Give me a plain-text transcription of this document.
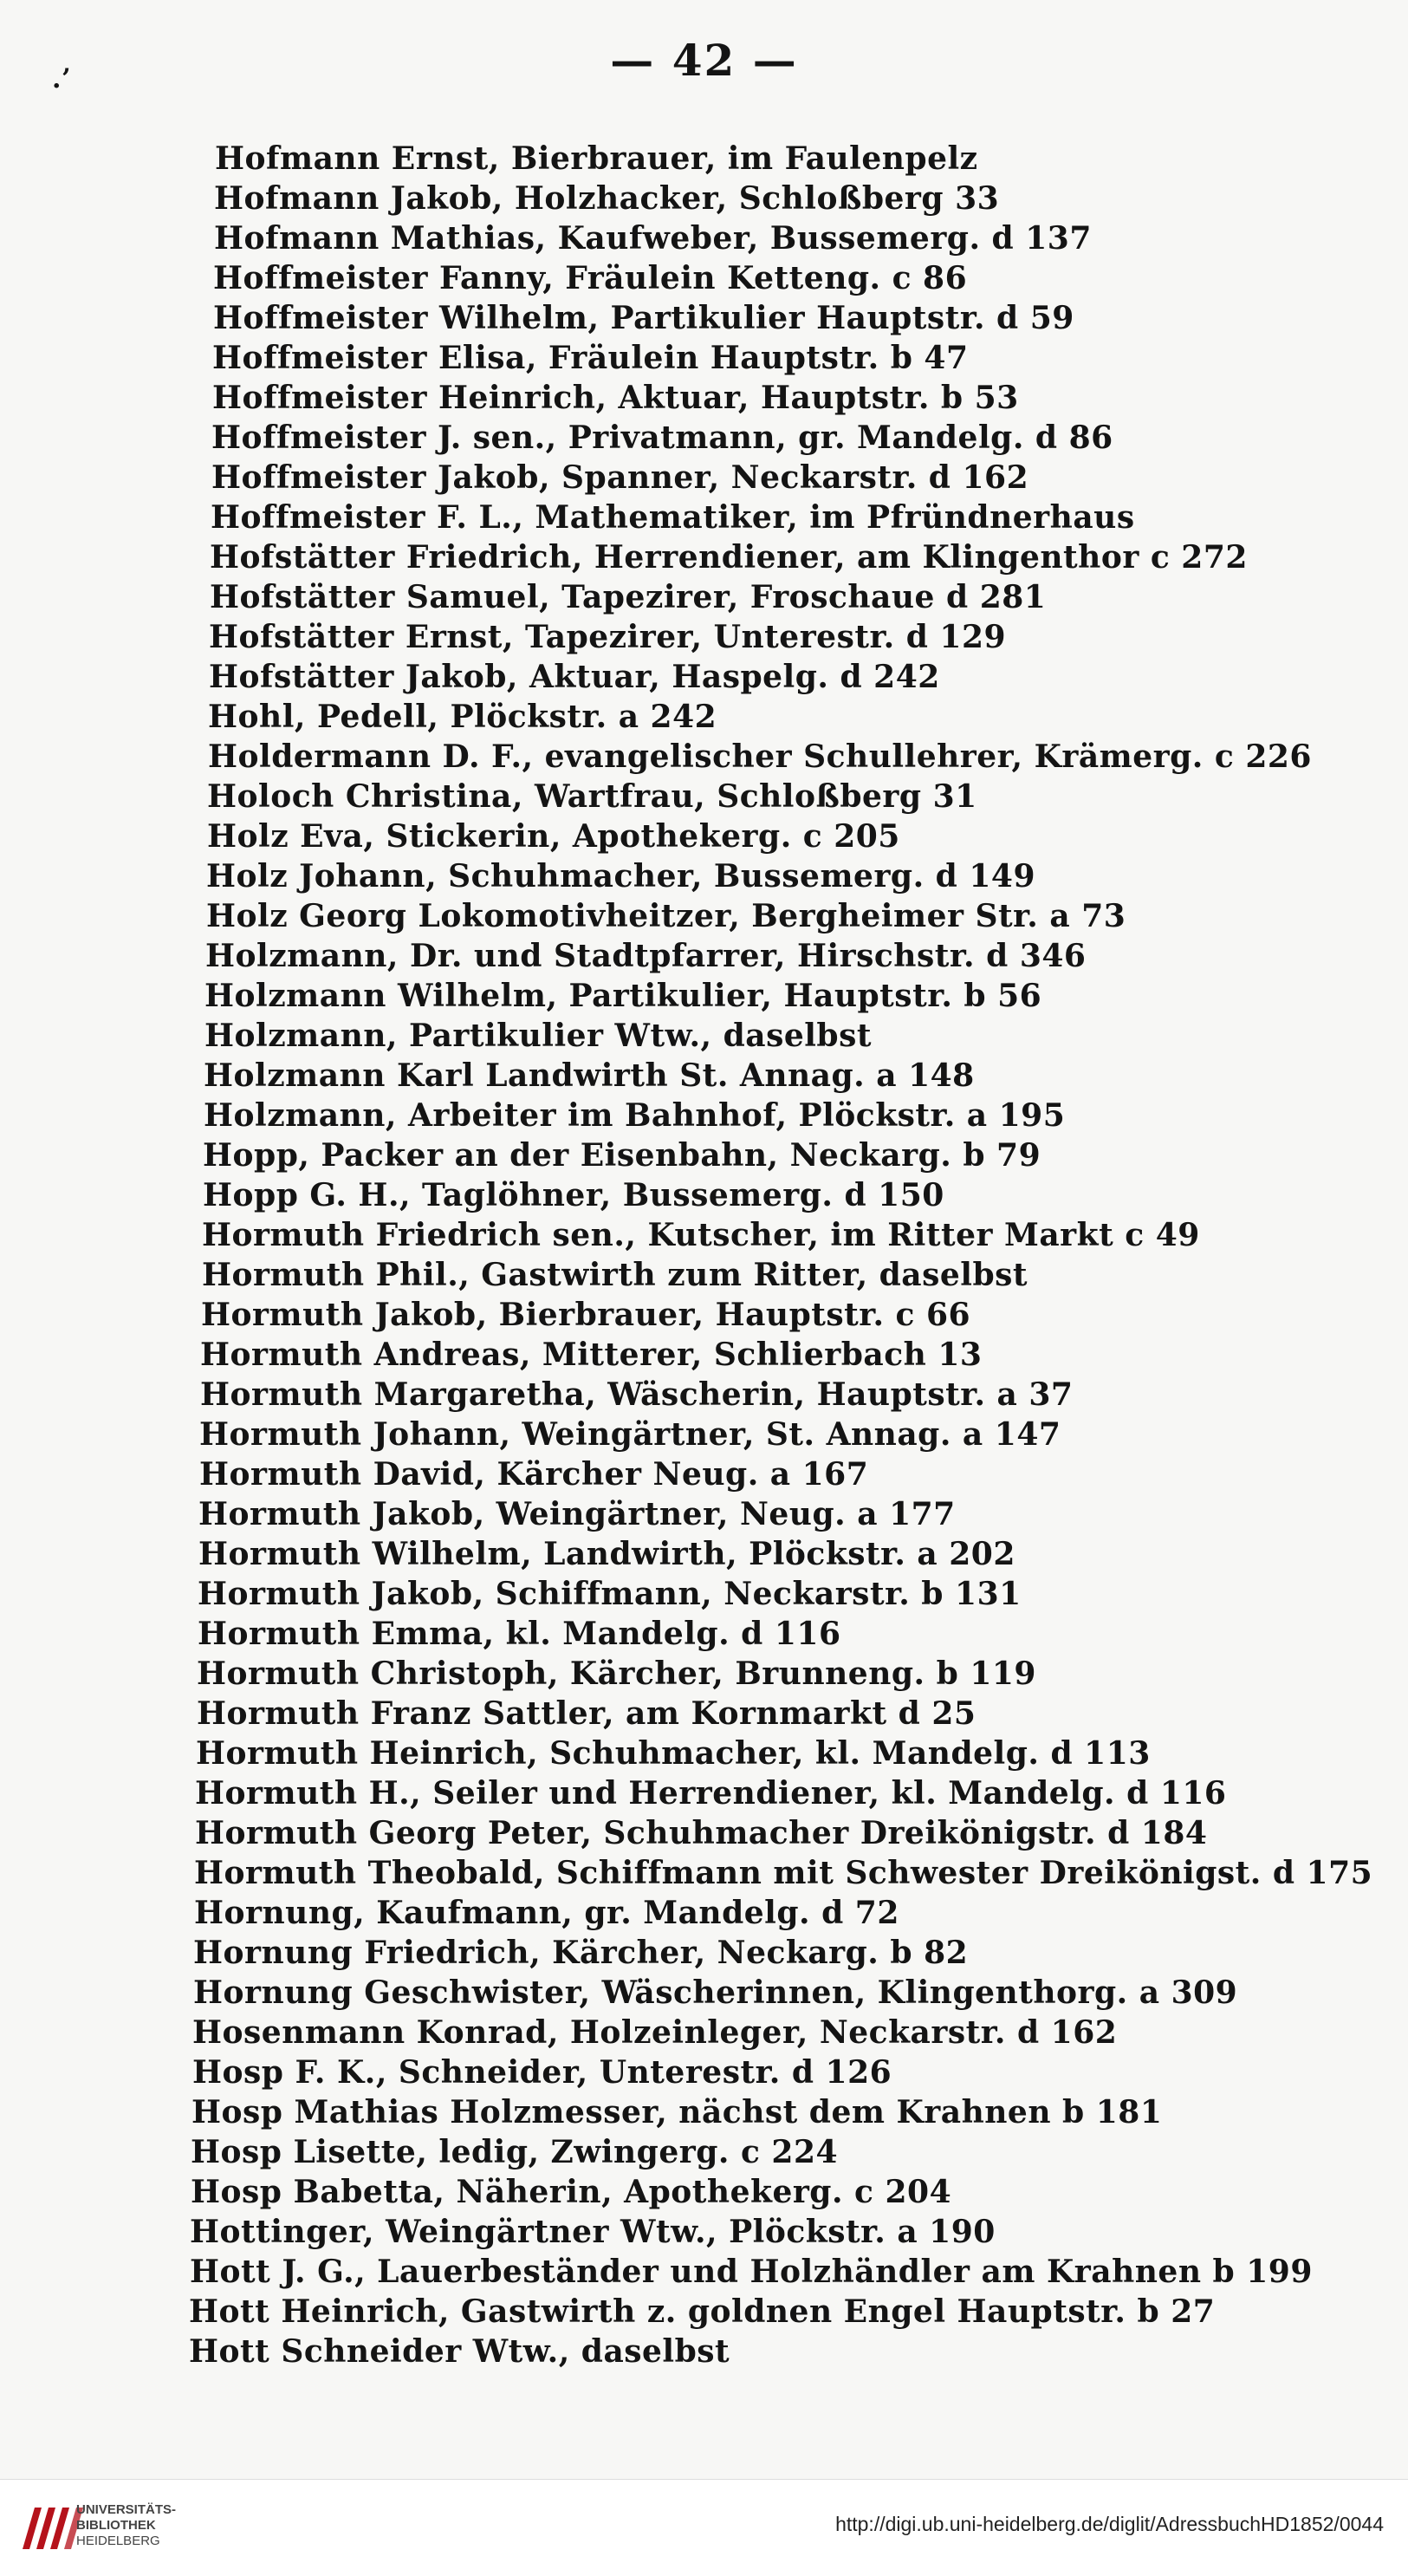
.ʼ	— 42 —
Hofmann Ernst, Bierbrauer, im Faulenpelz
Hofmann Jakob, Holzhacker, Schloßberg 33
Hofmann Mathias, Kaufweber, Bussemerg. d 137
Hoffmeister Fanny, Fräulein Ketteng. c 86
Hoffmeister Wilhelm, Partikulier Hauptstr. d 59
Hoffmeister Elisa, Fräulein Hauptstr. b 47
Hoffmeister Heinrich, Aktuar, Hauptstr. b 53
Hoffmeister J. sen., Privatmann, gr. Mandelg. d 86
Hoffmeister Jakob, Spanner, Neckarstr. d 162
Hoffmeister F. L., Mathematiker, im Pfründnerhaus
Hofstätter Friedrich, Herrendiener, am Klingenthor c 272
Hofstätter Samuel, Tapezirer, Froschaue d 281
Hofstätter Ernst, Tapezirer, Unterestr. d 129
Hofstätter Jakob, Aktuar, Haspelg. d 242
Hohl, Pedell, Plöckstr. a 242
Holdermann D. F., evangelischer Schullehrer, Krämerg. c 226
Holoch Christina, Wartfrau, Schloßberg 31
Holz Eva, Stickerin, Apothekerg. c 205
Holz Johann, Schuhmacher, Bussemerg. d 149
Holz Georg Lokomotivheitzer, Bergheimer Str. a 73
Holzmann, Dr. und Stadtpfarrer, Hirschstr. d 346
Holzmann Wilhelm, Partikulier, Hauptstr. b 56
Holzmann, Partikulier Wtw., daselbst
Holzmann Karl Landwirth St. Annag. a 148
Holzmann, Arbeiter im Bahnhof, Plöckstr. a 195
Hopp, Packer an der Eisenbahn, Neckarg. b 79
Hopp G. H., Taglöhner, Bussemerg. d 150
Hormuth Friedrich sen., Kutscher, im Ritter Markt c 49
Hormuth Phil., Gastwirth zum Ritter, daselbst
Hormuth Jakob, Bierbrauer, Hauptstr. c 66
Hormuth Andreas, Mitterer, Schlierbach 13
Hormuth Margaretha, Wäscherin, Hauptstr. a 37
Hormuth Johann, Weingärtner, St. Annag. a 147
Hormuth David, Kärcher Neug. a 167
Hormuth Jakob, Weingärtner, Neug. a 177
Hormuth Wilhelm, Landwirth, Plöckstr. a 202
Hormuth Jakob, Schiffmann, Neckarstr. b 131
Hormuth Emma, kl. Mandelg. d 116
Hormuth Christoph, Kärcher, Brunneng. b 119
Hormuth Franz Sattler, am Kornmarkt d 25
Hormuth Heinrich, Schuhmacher, kl. Mandelg. d 113
Hormuth H., Seiler und Herrendiener, kl. Mandelg. d 116
Hormuth Georg Peter, Schuhmacher Dreikönigstr. d 184
Hormuth Theobald, Schiffmann mit Schwester Dreikönigst. d 175
Hornung, Kaufmann, gr. Mandelg. d 72
Hornung Friedrich, Kärcher, Neckarg. b 82
Hornung Geschwister, Wäscherinnen, Klingenthorg. a 309
Hosenmann Konrad, Holzeinleger, Neckarstr. d 162
Hosp F. K., Schneider, Unterestr. d 126
Hosp Mathias Holzmesser, nächst dem Krahnen b 181
Hosp Lisette, ledig, Zwingerg. c 224
Hosp Babetta, Näherin, Apothekerg. c 204
Hottinger, Weingärtner Wtw., Plöckstr. a 190
Hott J. G., Lauerbeständer und Holzhändler am Krahnen b 199
Hott Heinrich, Gastwirth z. goldnen Engel Hauptstr. b 27
Hott Schneider Wtw., daselbst
UNIVERSITÄTS-
BIBLIOTHEK
HEIDELBERG
http://digi.ub.uni-heidelberg.de/diglit/AdressbuchHD1852/0044
